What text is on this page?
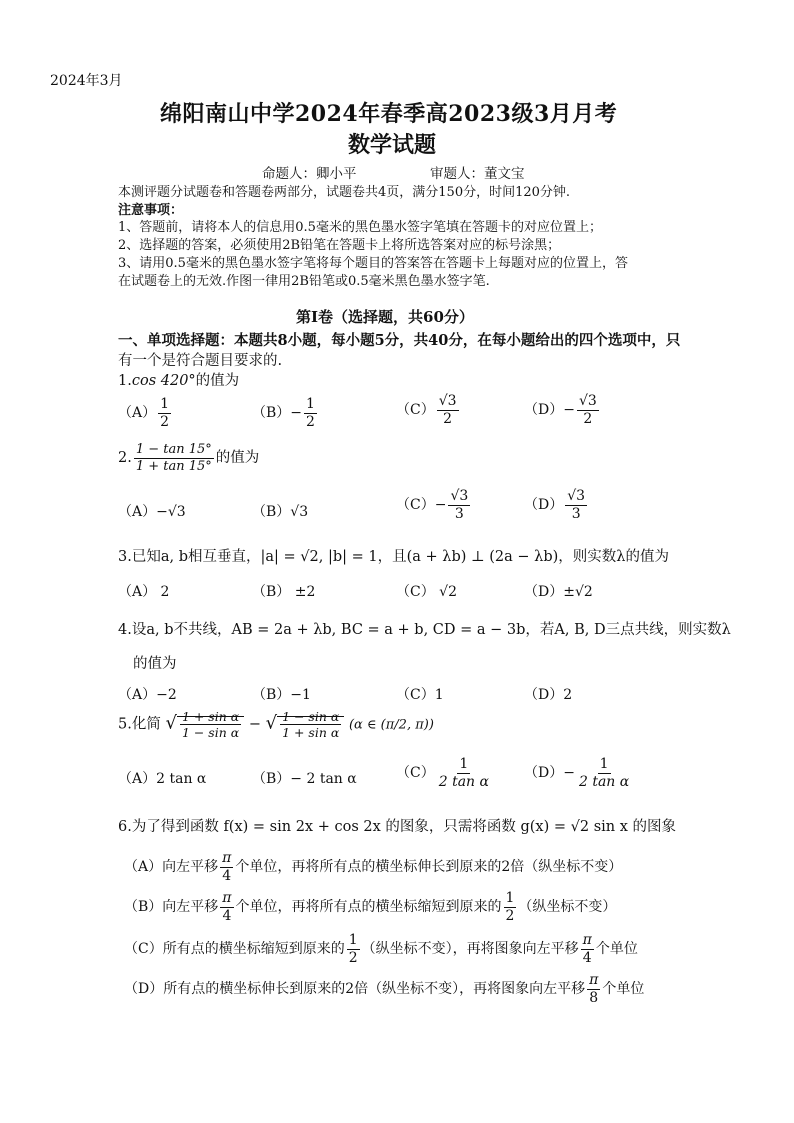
2024年3月
绵阳南山中学2024年春季高2023级3月月考
数学试题
命题人：卿小平	审题人：董文宝
本测评题分试题卷和答题卷两部分，试题卷共4页，满分150分，时间120分钟.
注意事项：
1、答题前，请将本人的信息用0.5毫米的黑色墨水签字笔填在答题卡的对应位置上；
2、选择题的答案，必须使用2B铅笔在答题卡上将所选答案对应的标号涂黑；
3、请用0.5毫米的黑色墨水签字笔将每个题目的答案答在答题卡上每题对应的位置上，答
在试题卷上的无效.作图一律用2B铅笔或0.5毫米黑色墨水签字笔.
第Ⅰ卷（选择题，共60分）
一、单项选择题：本题共8小题，每小题5分，共40分，在每小题给出的四个选项中，只
有一个是符合题目要求的.
1.cos 420°的值为
$(A) \frac{1}{2}$	$(B)- \frac{1}{2}$	$(C) \frac{√3}{2}$	$(D)- \frac{√3}{2}$
2. $\frac{1 - \tan 15^\circ}{1 + \tan 15^\circ}$ 的值为
（A）−√3	（B）√3	$(C)- \frac{√3}{3}$	$(D) \frac{√3}{3}$
3.已知a, b相互垂直，|a| = √2, |b| = 1，且(a + λb) ⊥ (2a − λb)，则实数λ的值为
（A） 2	（B） ±2	（C） √2	（D）±√2
4.设a, b不共线，AB = 2a + λb, BC = a + b, CD = a − 3b，若A, B, D三点共线，则实数λ
的值为
（A）−2	（B）−1	（C）1	（D）2
5.化简 √ $\frac{\text{1 + sin α}}{\text{1 − sin α}}$ − √ $\frac{\text{1 − sin α}}{\text{1 + sin α}} (\alpha$ ∈ (π/2, π))
（A）2 tan α	（B）− 2 tan α	$(C) \frac{1}{\text{2 tan α}} (D)- \frac{1}{\text{2 tan α}}$
6.为了得到函数 f(x) = sin 2x + cos 2x 的图象，只需将函数 g(x) = √2 sin x 的图象
（A）向左平移 $\frac{\pi}{4}$ 个单位，再将所有点的横坐标伸长到原来的2倍（纵坐标不变）
（B）向左平移 $\frac{\pi}{4}$ 个单位，再将所有点的横坐标缩短到原来的 $\frac{1}{2}$ （纵坐标不变）
（C）所有点的横坐标缩短到原来的 $\frac{1}{2}$ （纵坐标不变），再将图象向左平移 $\frac{\pi}{4}$ 个单位
（D）所有点的横坐标伸长到原来的2倍（纵坐标不变），再将图象向左平移 $\frac{\pi}{8}$ 个单位
